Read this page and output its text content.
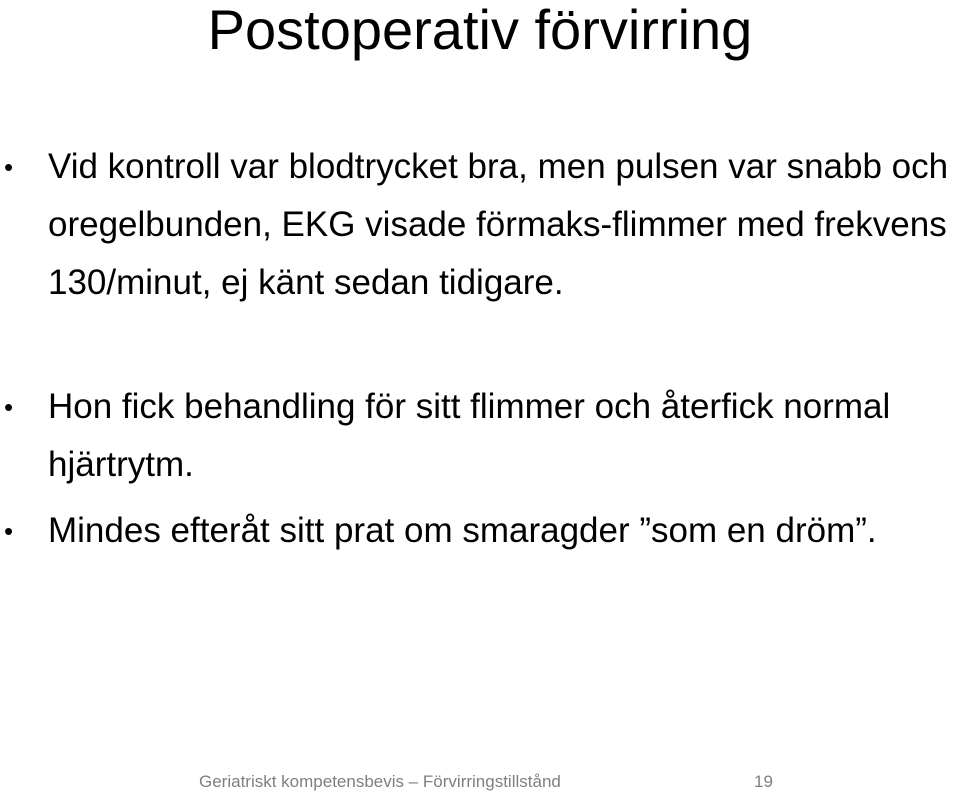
Postoperativ förvirring
• Vid kontroll var blodtrycket bra, men pulsen var snabb och oregelbunden, EKG visade förmaks-flimmer med frekvens 130/minut, ej känt sedan tidigare.
• Hon fick behandling för sitt flimmer och återfick normal hjärtrytm.
• Mindes efteråt sitt prat om smaragder ”som en dröm”.
Geriatriskt kompetensbevis – Förvirringstillstånd	19
